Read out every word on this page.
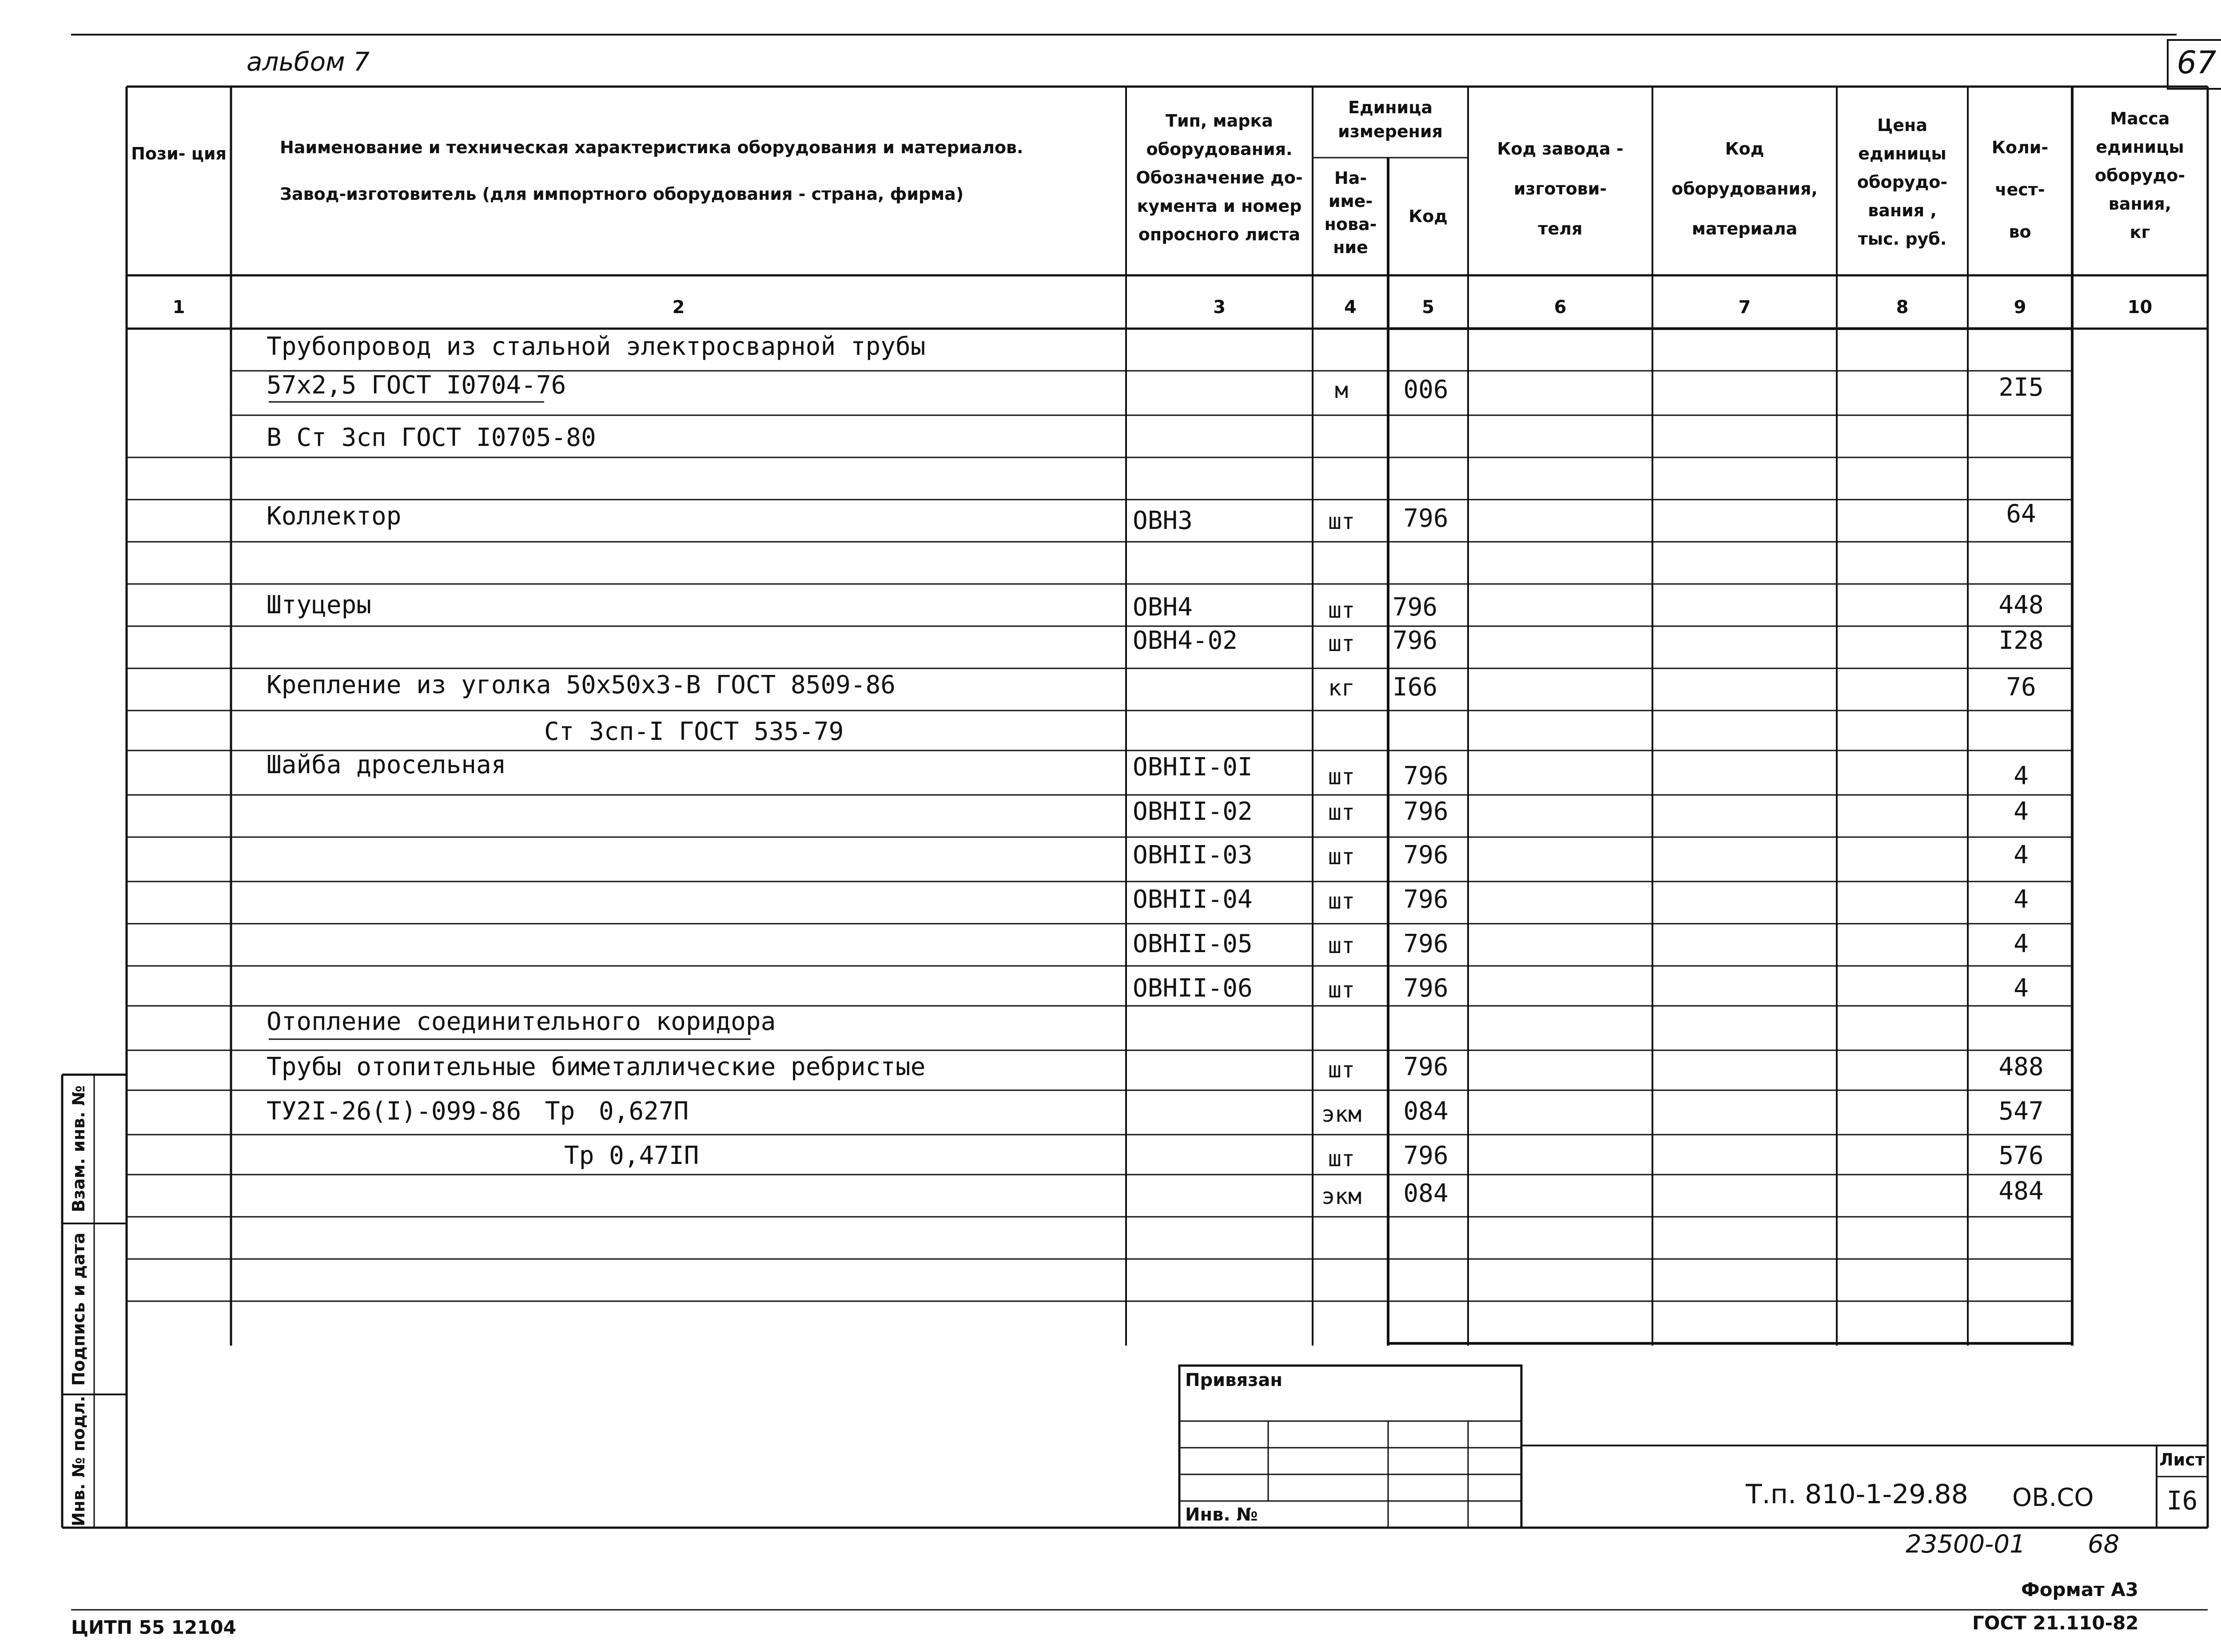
альбом 7	67
Пози- ция	Наименование и техническая характеристика оборудования и материалов.
Завод-изготовитель (для импортного оборудования - страна, фирма)
Тип, марка
оборудования.
Обозначение до-
кумента и номер
опросного листа
Единица измерения
На-
име-
нова-
ние
Код
Код завода -
изготови-
теля
Код
оборудования,
материала
Цена
единицы
оборудо-
вания ,
тыс. руб.
Коли-
чест-
во
Масса
единицы
оборудо-
вания,
кг
1	2	3	4	5	6	7	8	9	10
Трубопровод из стальной электросварной трубы
57х2,5 ГОСТ I0704-76	м	006	2I5
В Ст 3сп ГОСТ I0705-80
Коллектор	ОВН3	шт	796	64
Штуцеры	ОВН4	шт	796	448
ОВН4-02	шт	796	I28
Крепление из уголка 50х50х3-В ГОСТ 8509-86	кг	I66	76
Ст 3сп-I ГОСТ 535-79
Шайба дросельная	ОВНII-0I	шт	796	4
ОВНII-02	шт	796	4
ОВНII-03	шт	796	4
ОВНII-04	шт	796	4
ОВНII-05	шт	796	4
ОВНII-06	шт	796	4
Отопление соединительного коридора
Трубы отопительные биметаллические ребристые	шт	796	488
ТУ2I-26(I)-099-86 Тр 0,627П	экм	084	547
Тр 0,47IП	шт	796	576
экм	084	484
Взам. инв. №
Подпись и дата
Инв. № подл.
Привязан
Инв. №
Т.п. 810-1-29.88 ОВ.СО
Лист
I6
23500-01	68
Формат А3
ГОСТ 21.110-82
ЦИТП 55 12104
